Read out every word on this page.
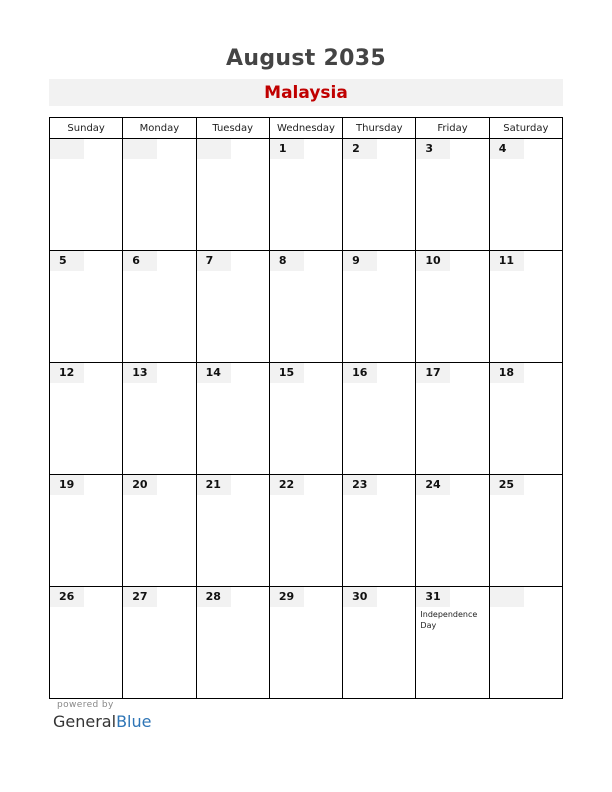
August 2035
Malaysia
Sunday	Monday	Tuesday	Wednesday	Thursday	Friday	Saturday

			1	2	3	4

5	6	7	8	9	10	11

12	13	14	15	16	17	18

19	20	21	22	23	24	25

26	27	28	29	30	31
Independence Day	

powered by
GeneralBlue
